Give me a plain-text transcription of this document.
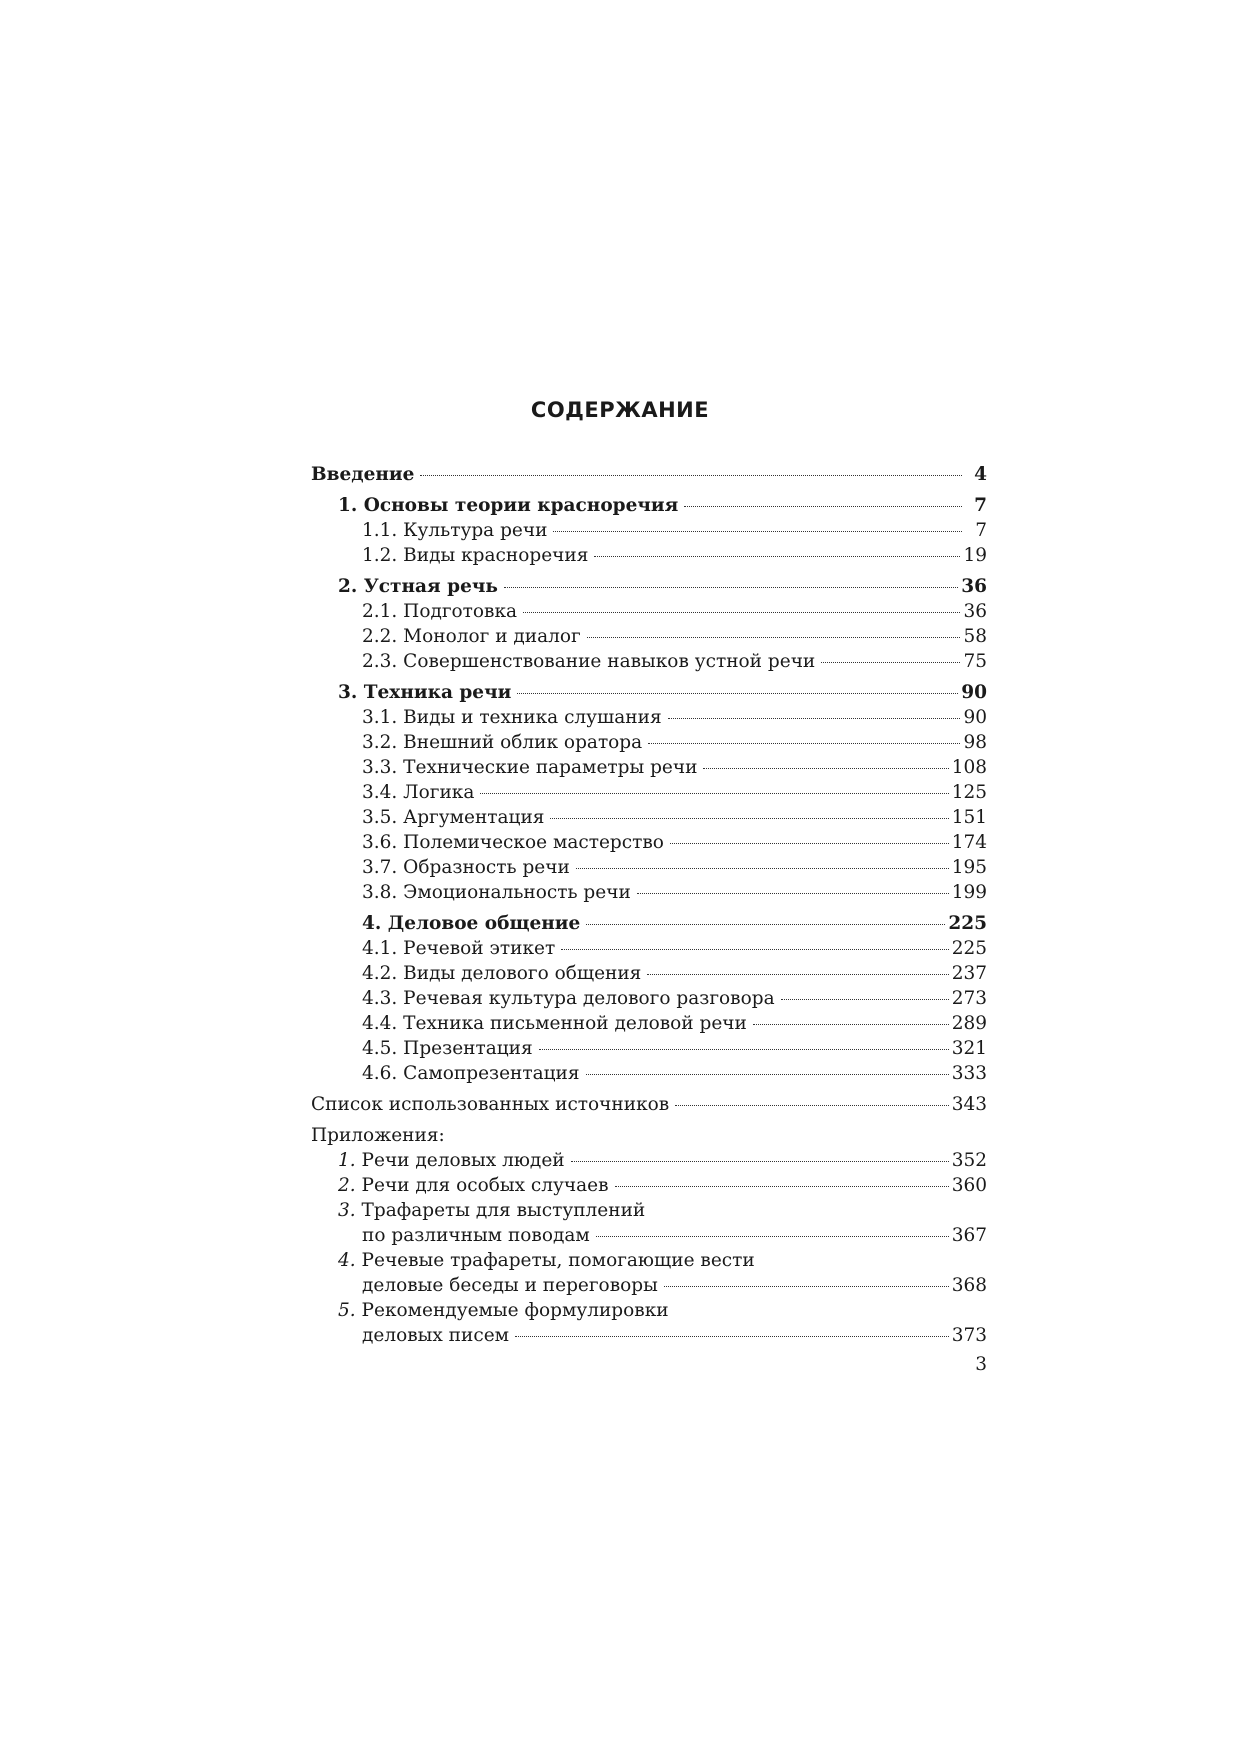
СОДЕРЖАНИЕ
Введение	4
1. Основы теории красноречия	7
1.1. Культура речи	7
1.2. Виды красноречия	19
2. Устная речь	36
2.1. Подготовка	36
2.2. Монолог и диалог	58
2.3. Совершенствование навыков устной речи	75
3. Техника речи	90
3.1. Виды и техника слушания	90
3.2. Внешний облик оратора	98
3.3. Технические параметры речи	108
3.4. Логика	125
3.5. Аргументация	151
3.6. Полемическое мастерство	174
3.7. Образность речи	195
3.8. Эмоциональность речи	199
4. Деловое общение	225
4.1. Речевой этикет	225
4.2. Виды делового общения	237
4.3. Речевая культура делового разговора	273
4.4. Техника письменной деловой речи	289
4.5. Презентация	321
4.6. Самопрезентация	333
Список использованных источников	343
Приложения:
1. Речи деловых людей	352
2. Речи для особых случаев	360
3. Трафареты для выступлений
по различным поводам	367
4. Речевые трафареты, помогающие вести
деловые беседы и переговоры	368
5. Рекомендуемые формулировки
деловых писем	373
3
